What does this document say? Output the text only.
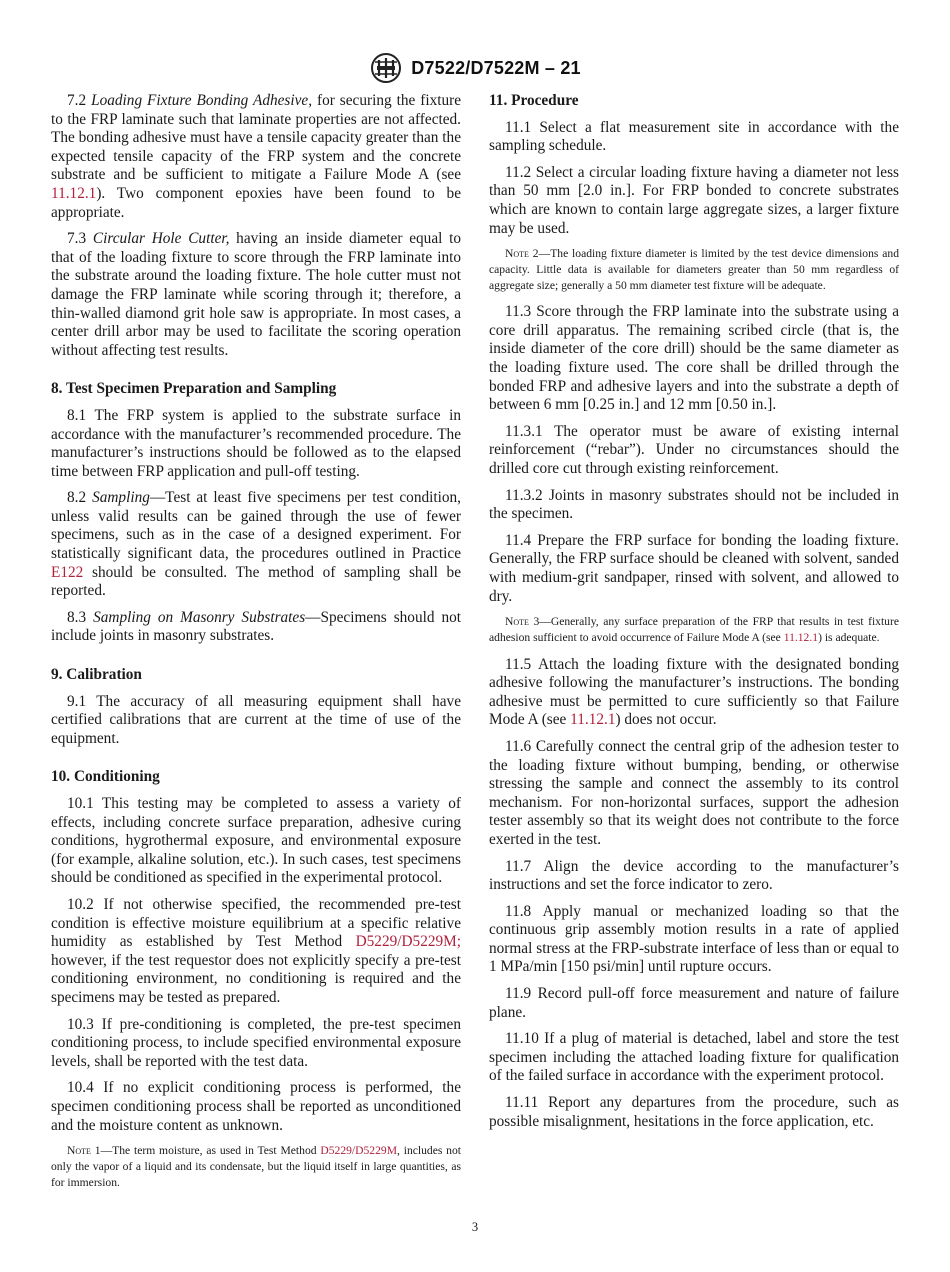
D7522/D7522M – 21

7.2 Loading Fixture Bonding Adhesive, for securing the fixture to the FRP laminate such that laminate properties are not affected. The bonding adhesive must have a tensile capacity greater than the expected tensile capacity of the FRP system and the concrete substrate and be sufficient to mitigate a Failure Mode A (see 11.12.1). Two component epoxies have been found to be appropriate.

7.3 Circular Hole Cutter, having an inside diameter equal to that of the loading fixture to score through the FRP laminate into the substrate around the loading fixture. The hole cutter must not damage the FRP laminate while scoring through it; therefore, a thin-walled diamond grit hole saw is appropriate. In most cases, a center drill arbor may be used to facilitate the scoring operation without affecting test results.

8. Test Specimen Preparation and Sampling

8.1 The FRP system is applied to the substrate surface in accordance with the manufacturer’s recommended procedure. The manufacturer’s instructions should be followed as to the elapsed time between FRP application and pull-off testing.

8.2 Sampling—Test at least five specimens per test condition, unless valid results can be gained through the use of fewer specimens, such as in the case of a designed experiment. For statistically significant data, the procedures outlined in Practice E122 should be consulted. The method of sampling shall be reported.

8.3 Sampling on Masonry Substrates—Specimens should not include joints in masonry substrates.

9. Calibration

9.1 The accuracy of all measuring equipment shall have certified calibrations that are current at the time of use of the equipment.

10. Conditioning

10.1 This testing may be completed to assess a variety of effects, including concrete surface preparation, adhesive curing conditions, hygrothermal exposure, and environmental exposure (for example, alkaline solution, etc.). In such cases, test specimens should be conditioned as specified in the experimental protocol.

10.2 If not otherwise specified, the recommended pre-test condition is effective moisture equilibrium at a specific relative humidity as established by Test Method D5229/D5229M; however, if the test requestor does not explicitly specify a pre-test conditioning environment, no conditioning is required and the specimens may be tested as prepared.

10.3 If pre-conditioning is completed, the pre-test specimen conditioning process, to include specified environmental exposure levels, shall be reported with the test data.

10.4 If no explicit conditioning process is performed, the specimen conditioning process shall be reported as unconditioned and the moisture content as unknown.

Note 1—The term moisture, as used in Test Method D5229/D5229M, includes not only the vapor of a liquid and its condensate, but the liquid itself in large quantities, as for immersion.

11. Procedure

11.1 Select a flat measurement site in accordance with the sampling schedule.

11.2 Select a circular loading fixture having a diameter not less than 50 mm [2.0 in.]. For FRP bonded to concrete substrates which are known to contain large aggregate sizes, a larger fixture may be used.

Note 2—The loading fixture diameter is limited by the test device dimensions and capacity. Little data is available for diameters greater than 50 mm regardless of aggregate size; generally a 50 mm diameter test fixture will be adequate.

11.3 Score through the FRP laminate into the substrate using a core drill apparatus. The remaining scribed circle (that is, the inside diameter of the core drill) should be the same diameter as the loading fixture used. The core shall be drilled through the bonded FRP and adhesive layers and into the substrate a depth of between 6 mm [0.25 in.] and 12 mm [0.50 in.].

11.3.1 The operator must be aware of existing internal reinforcement (“rebar”). Under no circumstances should the drilled core cut through existing reinforcement.

11.3.2 Joints in masonry substrates should not be included in the specimen.

11.4 Prepare the FRP surface for bonding the loading fixture. Generally, the FRP surface should be cleaned with solvent, sanded with medium-grit sandpaper, rinsed with solvent, and allowed to dry.

Note 3—Generally, any surface preparation of the FRP that results in test fixture adhesion sufficient to avoid occurrence of Failure Mode A (see 11.12.1) is adequate.

11.5 Attach the loading fixture with the designated bonding adhesive following the manufacturer’s instructions. The bonding adhesive must be permitted to cure sufficiently so that Failure Mode A (see 11.12.1) does not occur.

11.6 Carefully connect the central grip of the adhesion tester to the loading fixture without bumping, bending, or otherwise stressing the sample and connect the assembly to its control mechanism. For non-horizontal surfaces, support the adhesion tester assembly so that its weight does not contribute to the force exerted in the test.

11.7 Align the device according to the manufacturer’s instructions and set the force indicator to zero.

11.8 Apply manual or mechanized loading so that the continuous grip assembly motion results in a rate of applied normal stress at the FRP-substrate interface of less than or equal to 1 MPa/min [150 psi/min] until rupture occurs.

11.9 Record pull-off force measurement and nature of failure plane.

11.10 If a plug of material is detached, label and store the test specimen including the attached loading fixture for qualification of the failed surface in accordance with the experiment protocol.

11.11 Report any departures from the procedure, such as possible misalignment, hesitations in the force application, etc.

3
